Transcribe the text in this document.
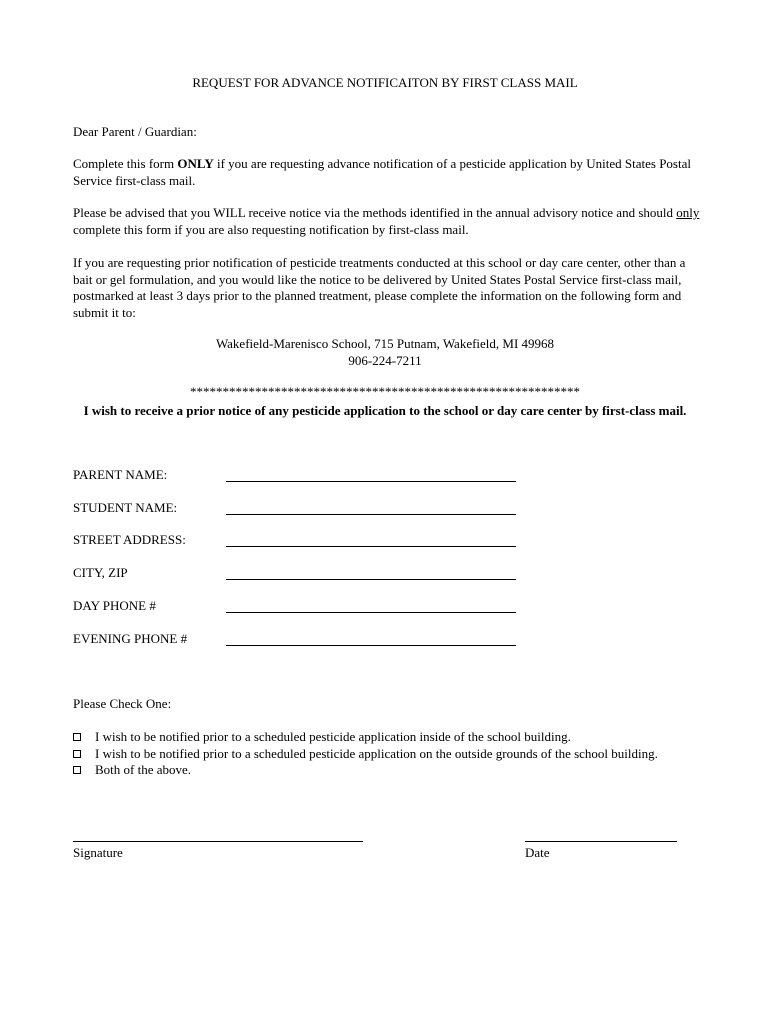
REQUEST FOR ADVANCE NOTIFICAITON BY FIRST CLASS MAIL
Dear Parent / Guardian:
Complete this form ONLY if you are requesting advance notification of a pesticide application by United States Postal Service first-class mail.
Please be advised that you WILL receive notice via the methods identified in the annual advisory notice and should only complete this form if you are also requesting notification by first-class mail.
If you are requesting prior notification of pesticide treatments conducted at this school or day care center, other than a bait or gel formulation, and you would like the notice to be delivered by United States Postal Service first-class mail, postmarked at least 3 days prior to the planned treatment, please complete the information on the following form and submit it to:
Wakefield-Marenisco School, 715 Putnam, Wakefield, MI 49968
906-224-7211
************************************************************
I wish to receive a prior notice of any pesticide application to the school or day care center by first-class mail.
PARENT NAME:
STUDENT NAME:
STREET ADDRESS:
CITY, ZIP
DAY PHONE #
EVENING PHONE #
Please Check One:
I wish to be notified prior to a scheduled pesticide application inside of the school building.
I wish to be notified prior to a scheduled pesticide application on the outside grounds of the school building.
Both of the above.
Signature	Date
